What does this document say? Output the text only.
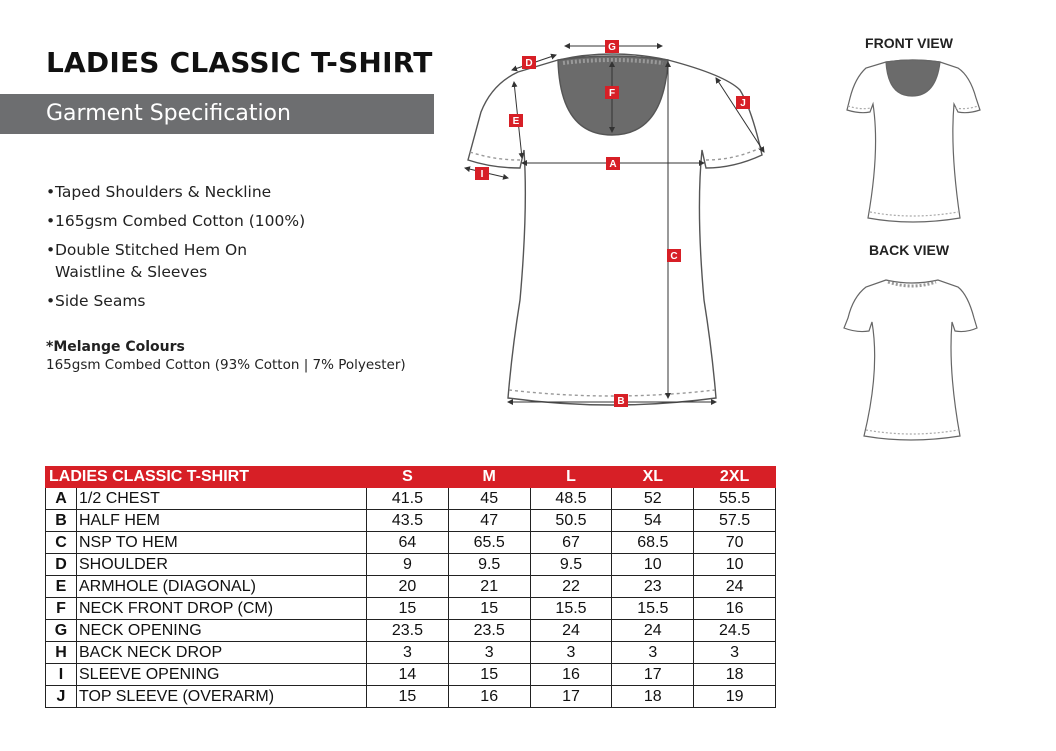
LADIES CLASSIC T-SHIRT
Garment Specification
• Taped Shoulders & Neckline
• 165gsm Combed Cotton (100%)
• Double Stitched Hem On Waistline & Sleeves
• Side Seams
*Melange Colours
165gsm Combed Cotton (93% Cotton | 7% Polyester)
FRONT VIEW
BACK VIEW
A
B
C
D
E
F
G
I
J
LADIES CLASSIC T-SHIRT		S	M	L	XL	2XL
A	1/2 CHEST	41.5	45	48.5	52	55.5
B	HALF HEM	43.5	47	50.5	54	57.5
C	NSP TO HEM	64	65.5	67	68.5	70
D	SHOULDER	9	9.5	9.5	10	10
E	ARMHOLE (DIAGONAL)	20	21	22	23	24
F	NECK FRONT DROP (CM)	15	15	15.5	15.5	16
G	NECK OPENING	23.5	23.5	24	24	24.5
H	BACK NECK DROP	3	3	3	3	3
I	SLEEVE OPENING	14	15	16	17	18
J	TOP SLEEVE (OVERARM)	15	16	17	18	19
